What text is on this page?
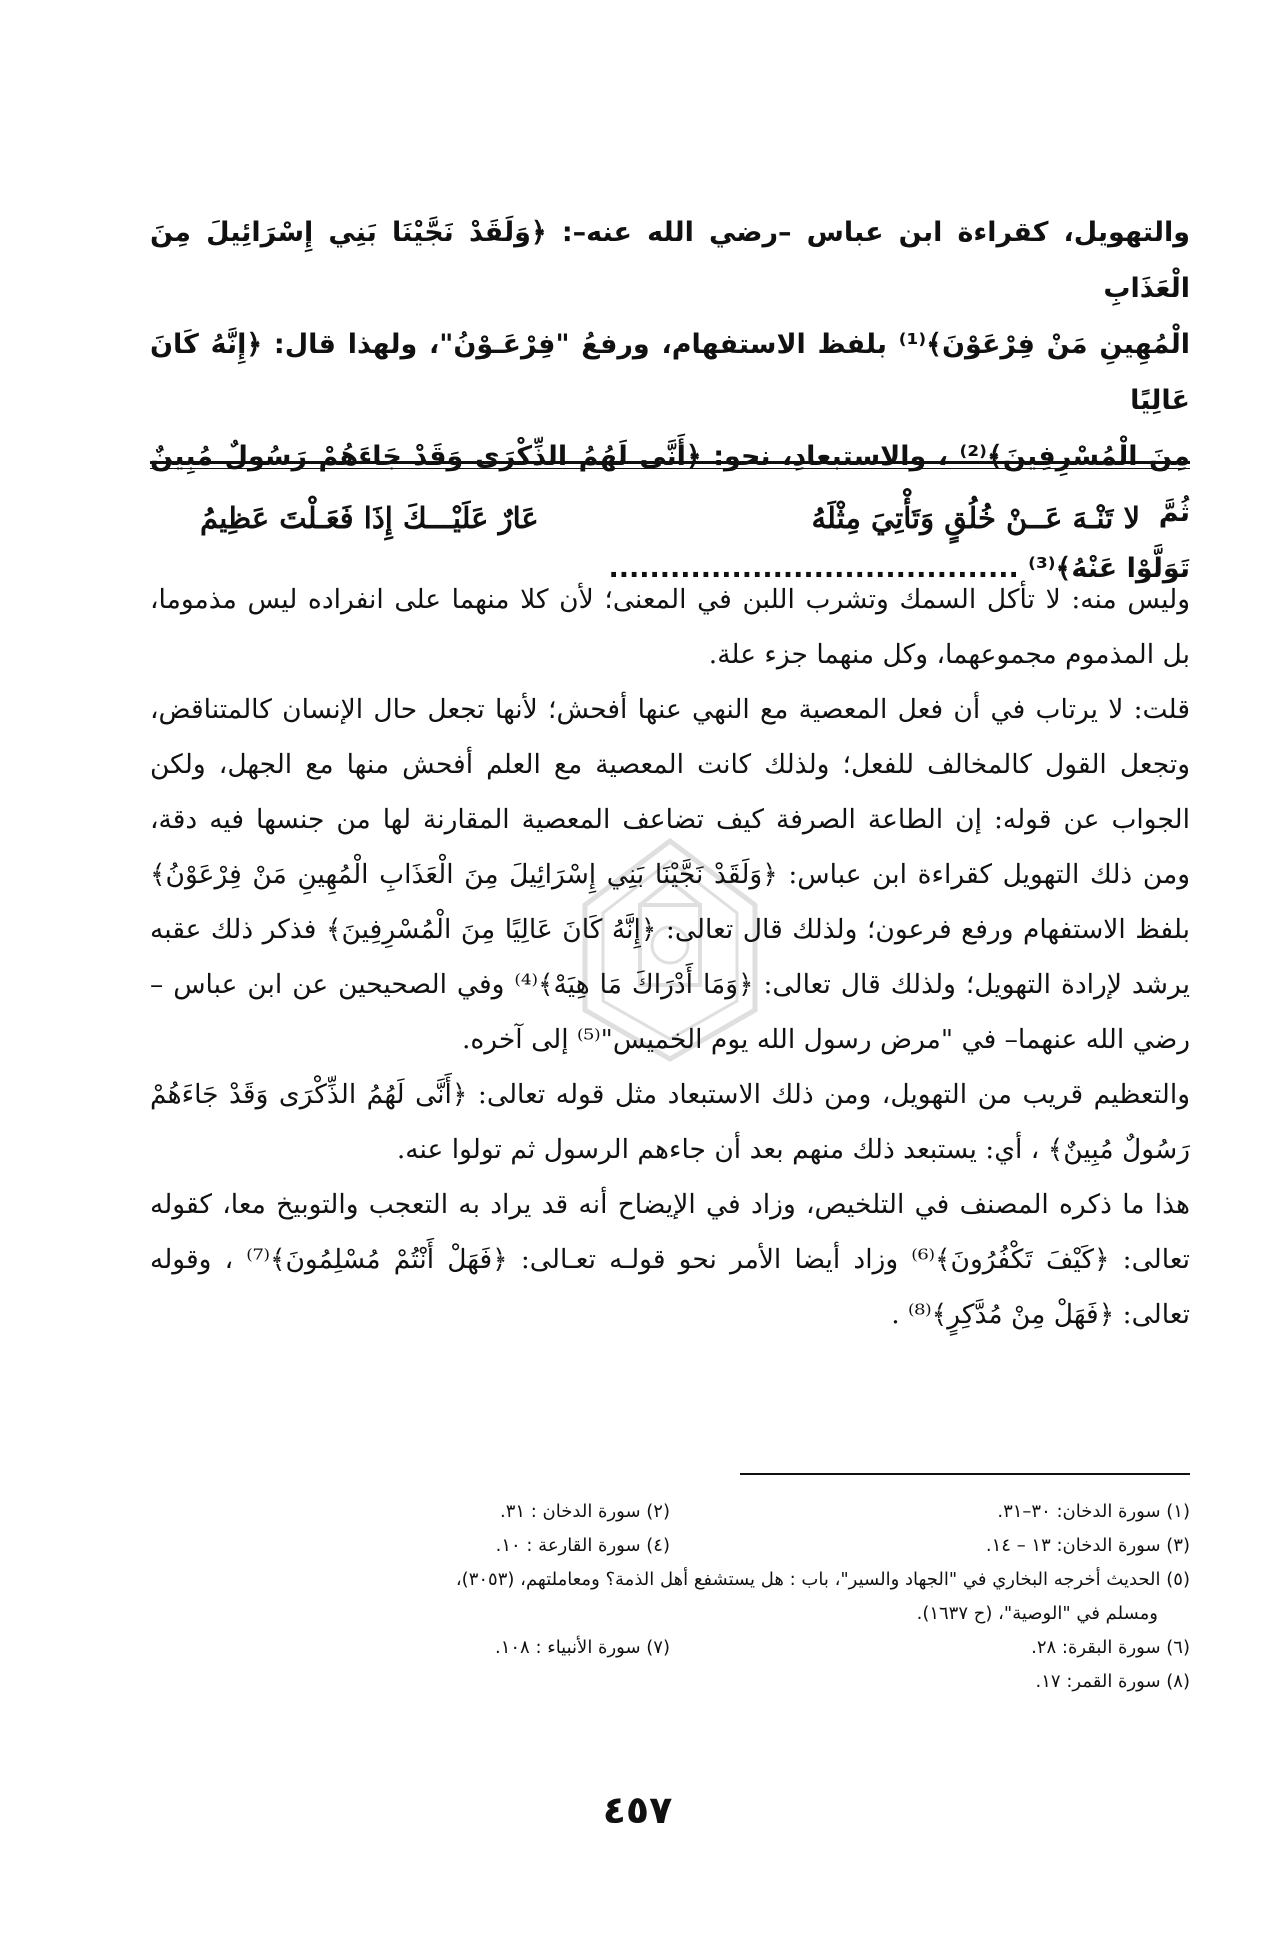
والتهويل، كقراءة ابن عباس –رضي الله عنه–: ﴿وَلَقَدْ نَجَّيْنَا بَنِي إِسْرَائِيلَ مِنَ الْعَذَابِ
الْمُهِينِ مَنْ فِرْعَوْنَ﴾⁽¹⁾ بلفظ الاستفهام، ورفعُ "فِرْعَـوْنُ"، ولهذا قال: ﴿إِنَّهُ كَانَ عَالِيًا
مِنَ الْمُسْرِفِينَ﴾⁽²⁾ ، والاستبعادِ، نحو: ﴿أَنَّى لَهُمُ الذِّكْرَى وَقَدْ جَاءَهُمْ رَسُولٌ مُبِينٌ ثُمَّ
تَوَلَّوْا عَنْهُ﴾⁽³⁾ ........................................
لا تَنْـهَ عَــنْ خُلُقٍ وَتَأْتِيَ مِثْلَهُ
عَارٌ عَلَيْـــكَ إِذَا فَعَـلْتَ عَظِيمُ

وليس منه: لا تأكل السمك وتشرب اللبن في المعنى؛ لأن كلا منهما على انفراده ليس مذموما، بل المذموم مجموعهما، وكل منهما جزء علة.

قلت: لا يرتاب في أن فعل المعصية مع النهي عنها أفحش؛ لأنها تجعل حال الإنسان كالمتناقض، وتجعل القول كالمخالف للفعل؛ ولذلك كانت المعصية مع العلم أفحش منها مع الجهل، ولكن الجواب عن قوله: إن الطاعة الصرفة كيف تضاعف المعصية المقارنة لها من جنسها فيه دقة، ومن ذلك التهويل كقراءة ابن عباس: ﴿وَلَقَدْ نَجَّيْنَا بَنِي إِسْرَائِيلَ مِنَ الْعَذَابِ الْمُهِينِ مَنْ فِرْعَوْنُ﴾ بلفظ الاستفهام ورفع فرعون؛ ولذلك قال تعالى: ﴿إِنَّهُ كَانَ عَالِيًا مِنَ الْمُسْرِفِينَ﴾ فذكر ذلك عقبه يرشد لإرادة التهويل؛ ولذلك قال تعالى: ﴿وَمَا أَدْرَاكَ مَا هِيَهْ﴾⁽⁴⁾ وفي الصحيحين عن ابن عباس – رضي الله عنهما– في "مرض رسول الله يوم الخميس"⁽⁵⁾ إلى آخره.

والتعظيم قريب من التهويل، ومن ذلك الاستبعاد مثل قوله تعالى: ﴿أَنَّى لَهُمُ الذِّكْرَى وَقَدْ جَاءَهُمْ رَسُولٌ مُبِينٌ﴾ ، أي: يستبعد ذلك منهم بعد أن جاءهم الرسول ثم تولوا عنه.

هذا ما ذكره المصنف في التلخيص، وزاد في الإيضاح أنه قد يراد به التعجب والتوبيخ معا، كقوله تعالى: ﴿كَيْفَ تَكْفُرُونَ﴾⁽⁶⁾ وزاد أيضا الأمر نحو قولـه تعـالى: ﴿فَهَلْ أَنْتُمْ مُسْلِمُونَ﴾⁽⁷⁾ ، وقوله تعالى: ﴿فَهَلْ مِنْ مُدَّكِرٍ﴾⁽⁸⁾ .

(١) سورة الدخان: ٣٠–٣١.
(٢) سورة الدخان : ٣١.
(٣) سورة الدخان: ١٣ – ١٤.
(٤) سورة القارعة : ١٠.
(٥) الحديث أخرجه البخاري في "الجهاد والسير"، باب : هل يستشفع أهل الذمة؟ ومعاملتهم، (٣٠٥٣)،
ومسلم في "الوصية"، (ح ١٦٣٧).
(٦) سورة البقرة: ٢٨.
(٧) سورة الأنبياء : ١٠٨.
(٨) سورة القمر: ١٧.
٤٥٧
